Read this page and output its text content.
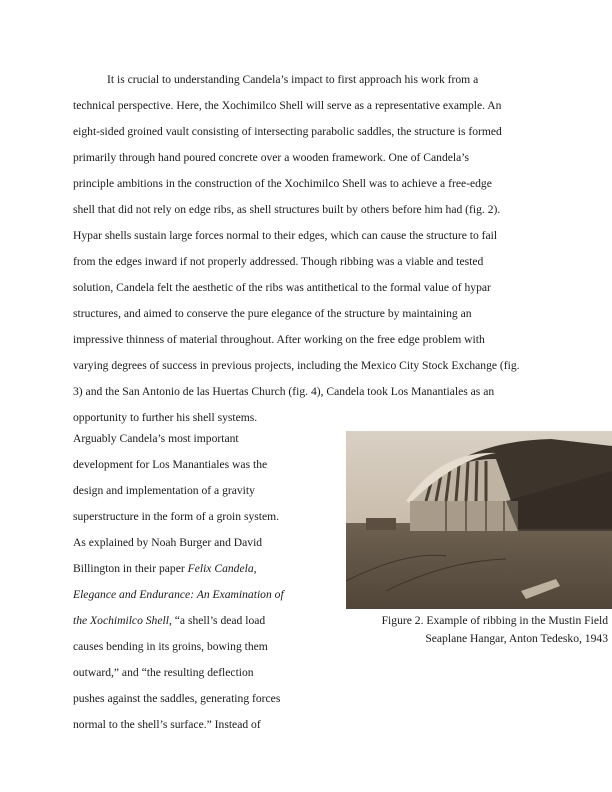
It is crucial to understanding Candela’s impact to first approach his work from a
technical perspective. Here, the Xochimilco Shell will serve as a representative example. An
eight-sided groined vault consisting of intersecting parabolic saddles, the structure is formed
primarily through hand poured concrete over a wooden framework. One of Candela’s
principle ambitions in the construction of the Xochimilco Shell was to achieve a free-edge
shell that did not rely on edge ribs, as shell structures built by others before him had (fig. 2).
Hypar shells sustain large forces normal to their edges, which can cause the structure to fail
from the edges inward if not properly addressed. Though ribbing was a viable and tested
solution, Candela felt the aesthetic of the ribs was antithetical to the formal value of hypar
structures, and aimed to conserve the pure elegance of the structure by maintaining an
impressive thinness of material throughout. After working on the free edge problem with
varying degrees of success in previous projects, including the Mexico City Stock Exchange (fig.
3) and the San Antonio de las Huertas Church (fig. 4), Candela took Los Manantiales as an
opportunity to further his shell systems.
Arguably Candela’s most important
development for Los Manantiales was the
design and implementation of a gravity
superstructure in the form of a groin system.
As explained by Noah Burger and David
Billington in their paper Felix Candela,
Elegance and Endurance: An Examination of
the Xochimilco Shell, “a shell’s dead load
causes bending in its groins, bowing them
outward,” and “the resulting deflection
pushes against the saddles, generating forces
normal to the shell’s surface.” Instead of
Figure 2. Example of ribbing in the Mustin Field
Seaplane Hangar, Anton Tedesko, 1943
